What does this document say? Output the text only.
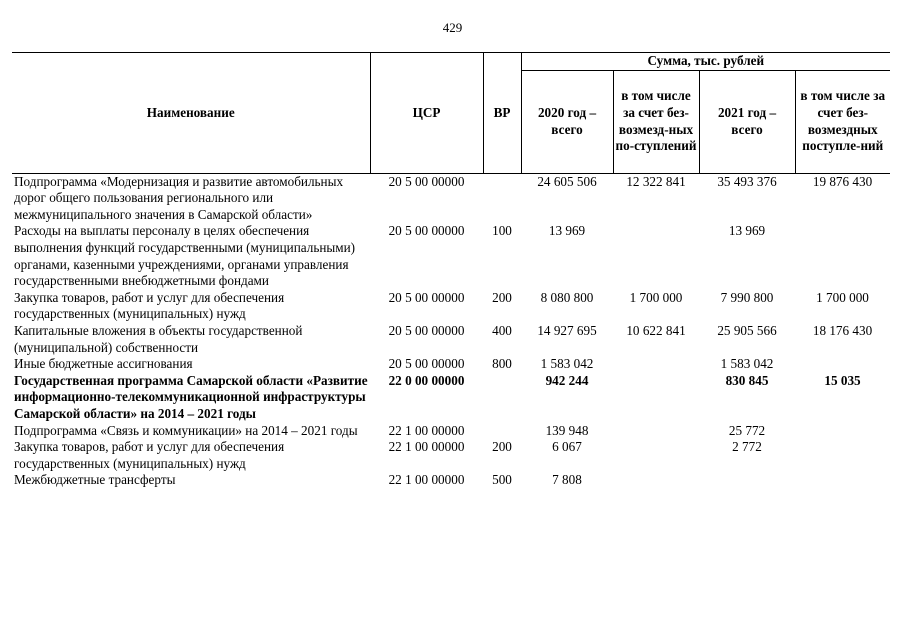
429
Наименование	ЦСР	ВР	Сумма, тыс. рублей			
			2020 год – всего	в том числе за счет без-возмезд-ных по-ступлений	2021 год – всего	в том числе за счет без-возмездных поступле-ний
Подпрограмма «Модернизация и развитие автомобильных дорог общего пользования регионального или межмуниципального значения в Самарской области»	20 5 00 00000		24 605 506	12 322 841	35 493 376	19 876 430
Расходы на выплаты персоналу в целях обеспечения выполнения функций государственными (муниципальными) органами, казенными учреждениями, органами управления государственными внебюджетными фондами	20 5 00 00000	100	13 969		13 969	
Закупка товаров, работ и услуг для обеспечения государственных (муниципальных) нужд	20 5 00 00000	200	8 080 800	1 700 000	7 990 800	1 700 000
Капитальные вложения в объекты государственной (муниципальной) собственности	20 5 00 00000	400	14 927 695	10 622 841	25 905 566	18 176 430
Иные бюджетные ассигнования	20 5 00 00000	800	1 583 042		1 583 042	
Государственная программа Самарской области «Развитие информационно-телекоммуникационной инфраструктуры Самарской области» на 2014 – 2021 годы	22 0 00 00000		942 244		830 845	15 035
Подпрограмма «Связь и коммуникации» на 2014 – 2021 годы	22 1 00 00000		139 948		25 772	
Закупка товаров, работ и услуг для обеспечения государственных (муниципальных) нужд	22 1 00 00000	200	6 067		2 772	
Межбюджетные трансферты	22 1 00 00000	500	7 808			
